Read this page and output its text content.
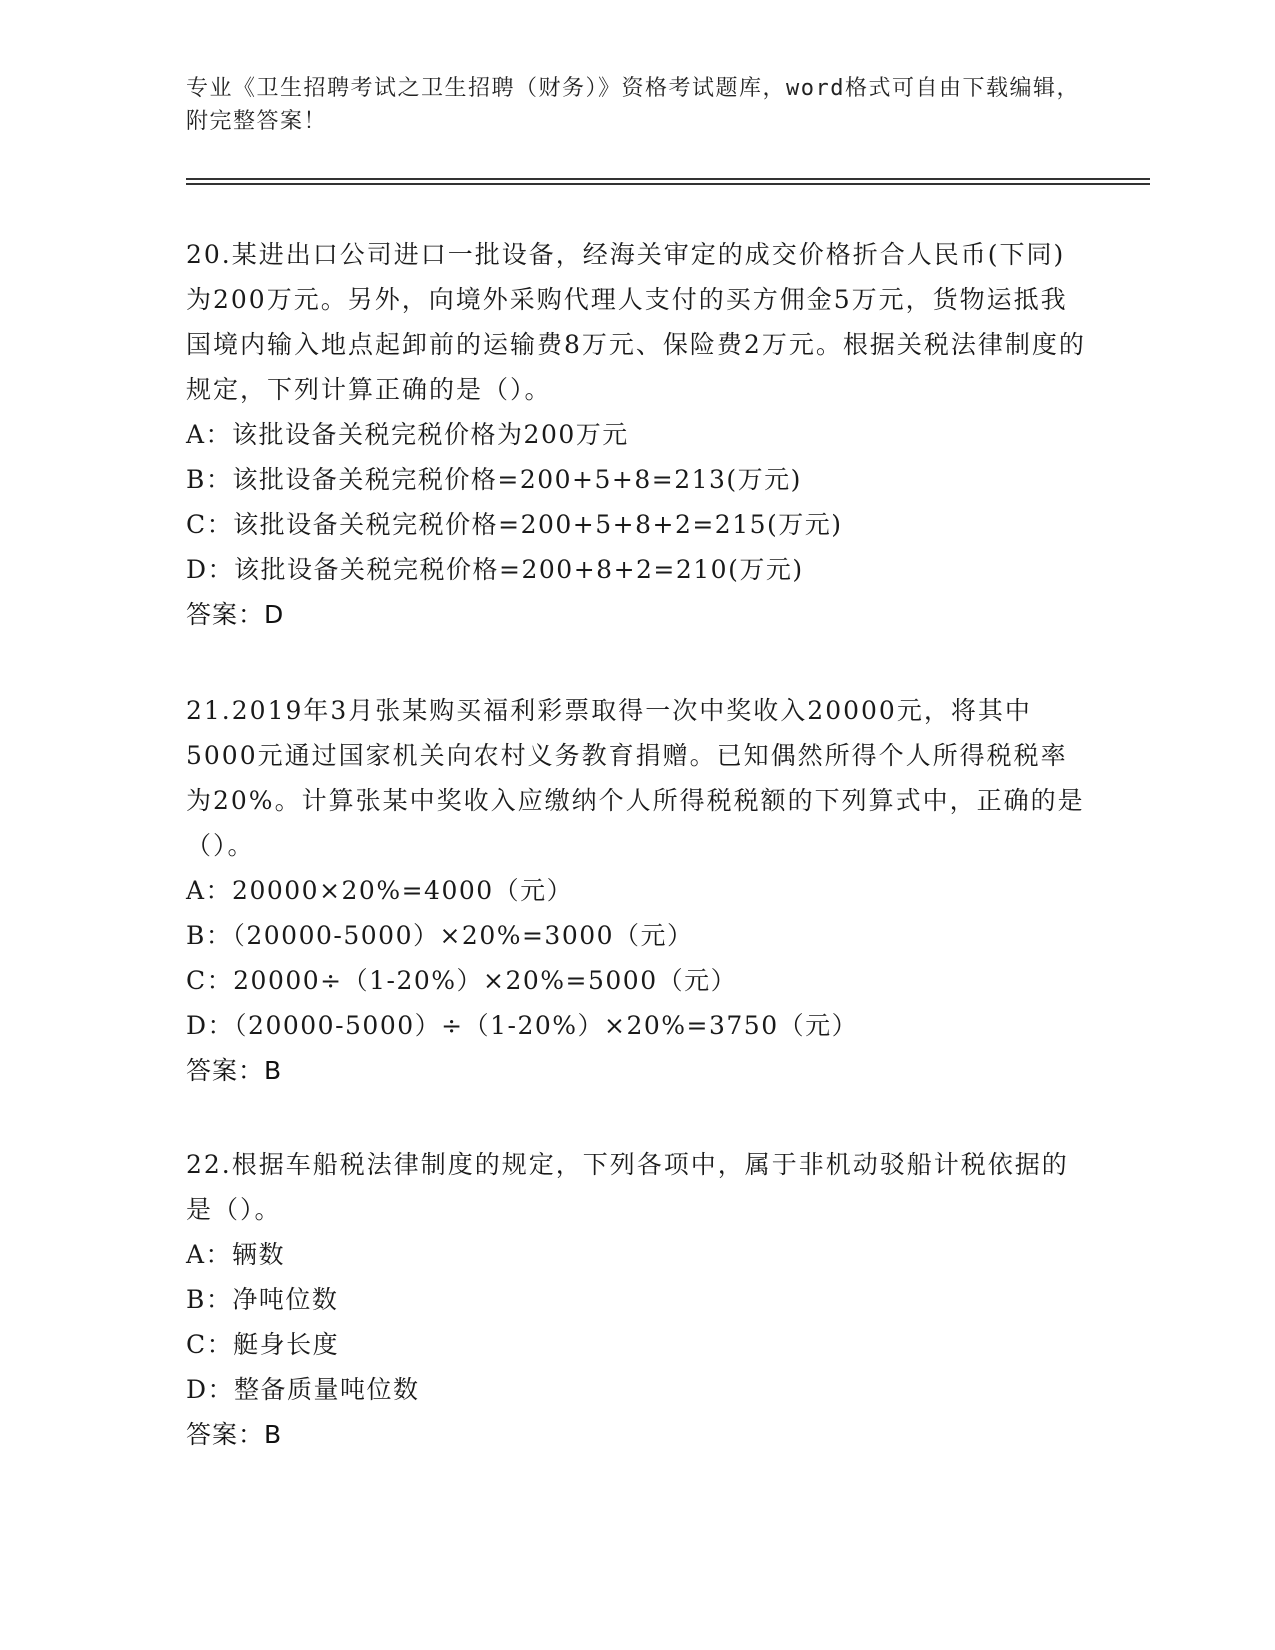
专业《卫生招聘考试之卫生招聘（财务）》资格考试题库，word格式可自由下载编辑，附完整答案！
20.某进出口公司进口一批设备，经海关审定的成交价格折合人民币(下同)为200万元。另外，向境外采购代理人支付的买方佣金5万元，货物运抵我国境内输入地点起卸前的运输费8万元、保险费2万元。根据关税法律制度的规定，下列计算正确的是（）。
A：该批设备关税完税价格为200万元
B：该批设备关税完税价格=200+5+8=213(万元)
C：该批设备关税完税价格=200+5+8+2=215(万元)
D：该批设备关税完税价格=200+8+2=210(万元)
答案：D
21.2019年3月张某购买福利彩票取得一次中奖收入20000元，将其中5000元通过国家机关向农村义务教育捐赠。已知偶然所得个人所得税税率为20%。计算张某中奖收入应缴纳个人所得税税额的下列算式中，正确的是（）。
A：20000×20%=4000（元）
B：（20000-5000）×20%=3000（元）
C：20000÷（1-20%）×20%=5000（元）
D：（20000-5000）÷（1-20%）×20%=3750（元）
答案：B
22.根据车船税法律制度的规定，下列各项中，属于非机动驳船计税依据的是（）。
A：辆数
B：净吨位数
C：艇身长度
D：整备质量吨位数
答案：B
